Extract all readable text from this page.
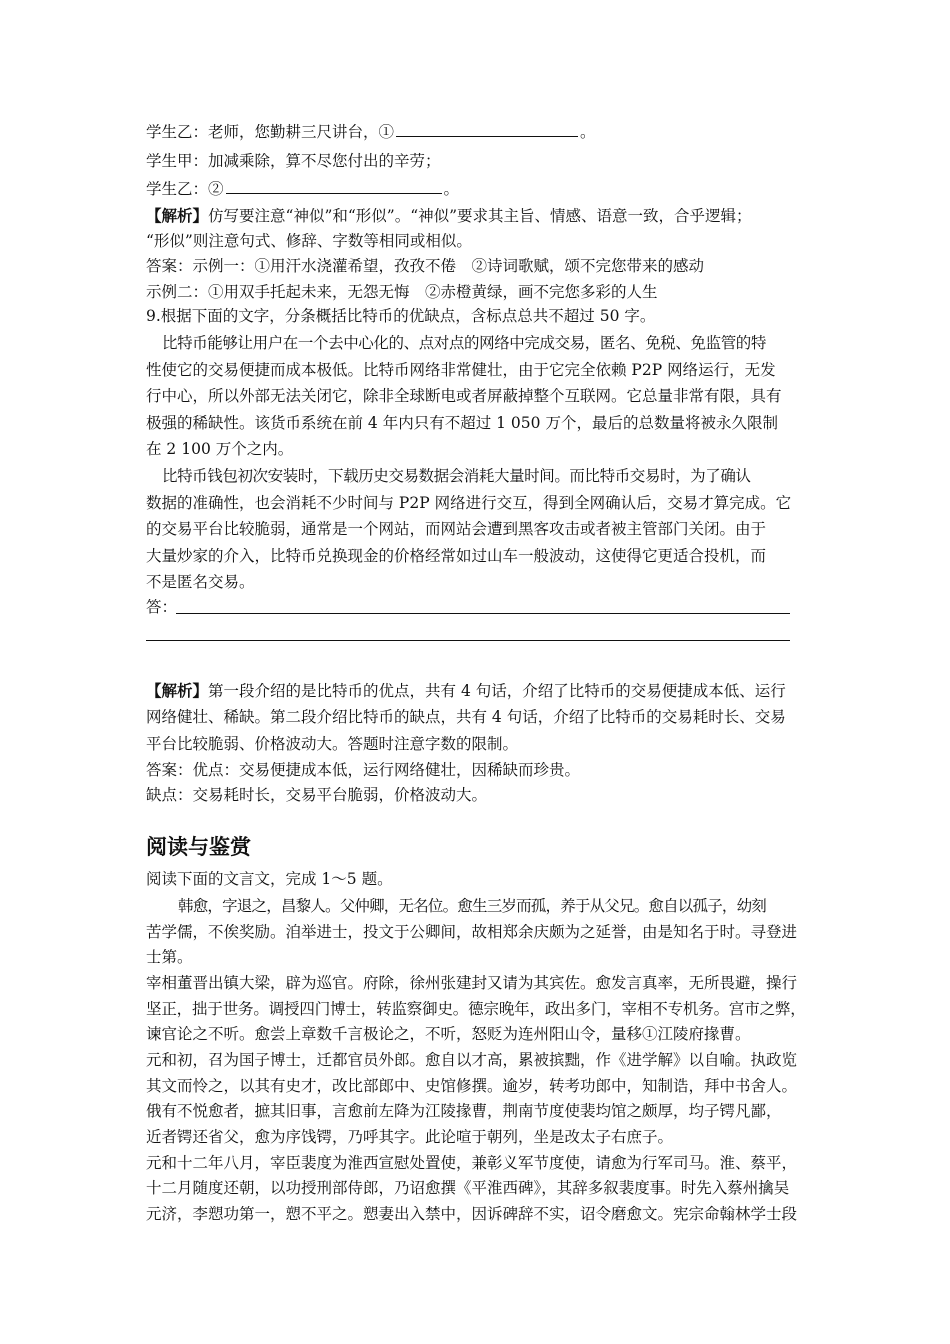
学生乙：老师，您勤耕三尺讲台，①	。
学生甲：加减乘除，算不尽您付出的辛劳；
学生乙：②	。
【解析】仿写要注意“神似”和“形似”。“神似”要求其主旨、情感、语意一致，合乎逻辑；
“形似”则注意句式、修辞、字数等相同或相似。
答案：示例一：①用汗水浇灌希望，孜孜不倦　②诗词歌赋，颂不完您带来的感动
示例二：①用双手托起未来，无怨无悔　②赤橙黄绿，画不完您多彩的人生
9.根据下面的文字，分条概括比特币的优缺点，含标点总共不超过 50 字。
比特币能够让用户在一个去中心化的、点对点的网络中完成交易，匿名、免税、免监管的特
性使它的交易便捷而成本极低。比特币网络非常健壮，由于它完全依赖 P2P 网络运行，无发
行中心，所以外部无法关闭它，除非全球断电或者屏蔽掉整个互联网。它总量非常有限，具有
极强的稀缺性。该货币系统在前 4 年内只有不超过 1 050 万个，最后的总数量将被永久限制
在 2 100 万个之内。
比特币钱包初次安装时，下载历史交易数据会消耗大量时间。而比特币交易时，为了确认
数据的准确性，也会消耗不少时间与 P2P 网络进行交互，得到全网确认后，交易才算完成。它
的交易平台比较脆弱，通常是一个网站，而网站会遭到黑客攻击或者被主管部门关闭。由于
大量炒家的介入，比特币兑换现金的价格经常如过山车一般波动，这使得它更适合投机，而
不是匿名交易。
答：
【解析】第一段介绍的是比特币的优点，共有 4 句话，介绍了比特币的交易便捷成本低、运行
网络健壮、稀缺。第二段介绍比特币的缺点，共有 4 句话，介绍了比特币的交易耗时长、交易
平台比较脆弱、价格波动大。答题时注意字数的限制。
答案：优点：交易便捷成本低，运行网络健壮，因稀缺而珍贵。
缺点：交易耗时长，交易平台脆弱，价格波动大。
阅读与鉴赏
阅读下面的文言文，完成 1～5 题。
韩愈，字退之，昌黎人。父仲卿，无名位。愈生三岁而孤，养于从父兄。愈自以孤子，幼刻
苦学儒，不俟奖励。洎举进士，投文于公卿间，故相郑余庆颇为之延誉，由是知名于时。寻登进
士第。
宰相董晋出镇大梁，辟为巡官。府除，徐州张建封又请为其宾佐。愈发言真率，无所畏避，操行
坚正，拙于世务。调授四门博士，转监察御史。德宗晚年，政出多门，宰相不专机务。宫市之弊，
谏官论之不听。愈尝上章数千言极论之，不听，怒贬为连州阳山令，量移①江陵府掾曹。
元和初，召为国子博士，迁都官员外郎。愈自以才高，累被摈黜，作《进学解》以自喻。执政览
其文而怜之，以其有史才，改比部郎中、史馆修撰。逾岁，转考功郎中，知制诰，拜中书舍人。
俄有不悦愈者，摭其旧事，言愈前左降为江陵掾曹，荆南节度使裴均馆之颇厚，均子锷凡鄙，
近者锷还省父，愈为序饯锷，乃呼其字。此论喧于朝列，坐是改太子右庶子。
元和十二年八月，宰臣裴度为淮西宣慰处置使，兼彰义军节度使，请愈为行军司马。淮、蔡平，
十二月随度还朝，以功授刑部侍郎，乃诏愈撰《平淮西碑》，其辞多叙裴度事。时先入蔡州擒吴
元济，李愬功第一，愬不平之。愬妻出入禁中，因诉碑辞不实，诏令磨愈文。宪宗命翰林学士段
